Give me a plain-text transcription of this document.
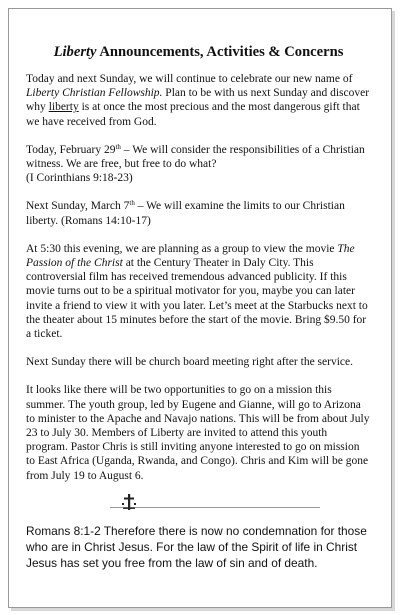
Liberty Announcements, Activities & Concerns

Today and next Sunday, we will continue to celebrate our new name of Liberty Christian Fellowship. Plan to be with us next Sunday and discover why liberty is at once the most precious and the most dangerous gift that we have received from God.

Today, February 29th – We will consider the responsibilities of a Christian witness. We are free, but free to do what?
(I Corinthians 9:18-23)

Next Sunday, March 7th – We will examine the limits to our Christian liberty. (Romans 14:10-17)

At 5:30 this evening, we are planning as a group to view the movie The Passion of the Christ at the Century Theater in Daly City. This controversial film has received tremendous advanced publicity. If this movie turns out to be a spiritual motivator for you, maybe you can later invite a friend to view it with you later. Let’s meet at the Starbucks next to the theater about 15 minutes before the start of the movie. Bring $9.50 for a ticket.

Next Sunday there will be church board meeting right after the service.

It looks like there will be two opportunities to go on a mission this summer. The youth group, led by Eugene and Gianne, will go to Arizona to minister to the Apache and Navajo nations. This will be from about July 23 to July 30. Members of Liberty are invited to attend this youth program. Pastor Chris is still inviting anyone interested to go on mission to East Africa (Uganda, Rwanda, and Congo). Chris and Kim will be gone from July 19 to August 6.

Romans 8:1-2 Therefore there is now no condemnation for those who are in Christ Jesus. For the law of the Spirit of life in Christ Jesus has set you free from the law of sin and of death.
